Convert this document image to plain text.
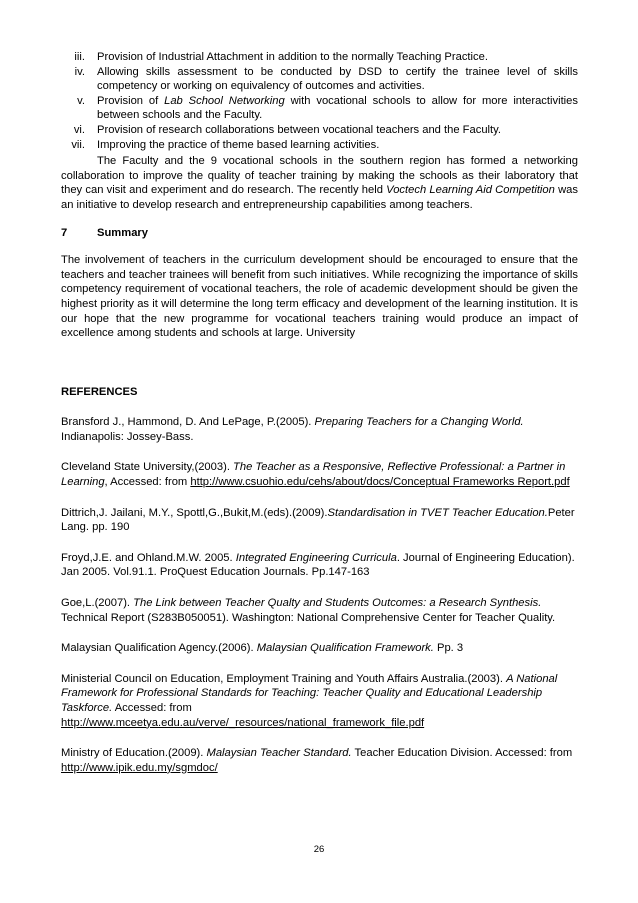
iii.	Provision of Industrial Attachment in addition to the normally Teaching Practice.
iv.	Allowing skills assessment to be conducted by DSD to certify the trainee level of skills competency or working on equivalency of outcomes and activities.
v.	Provision of Lab School Networking with vocational schools to allow for more interactivities between schools and the Faculty.
vi.	Provision of research collaborations between vocational teachers and the Faculty.
vii.	Improving the practice of theme based learning activities.

The Faculty and the 9 vocational schools in the southern region has formed a networking collaboration to improve the quality of teacher training by making the schools as their laboratory that they can visit and experiment and do research. The recently held Voctech Learning Aid Competition was an initiative to develop research and entrepreneurship capabilities among teachers.

7	Summary

The involvement of teachers in the curriculum development should be encouraged to ensure that the teachers and teacher trainees will benefit from such initiatives. While recognizing the importance of skills competency requirement of vocational teachers, the role of academic development should be given the highest priority as it will determine the long term efficacy and development of the learning institution. It is our hope that the new programme for vocational teachers training would produce an impact of excellence among students and schools at large. University

REFERENCES
Bransford J., Hammond, D. And LePage, P.(2005). Preparing Teachers for a Changing World. Indianapolis: Jossey-Bass.
Cleveland State University,(2003). The Teacher as a Responsive, Reflective Professional: a Partner in Learning, Accessed: from http://www.csuohio.edu/cehs/about/docs/Conceptual Frameworks Report.pdf
Dittrich,J. Jailani, M.Y., Spottl,G.,Bukit,M.(eds).(2009).Standardisation in TVET Teacher Education.Peter Lang. pp. 190
Froyd,J.E. and Ohland.M.W. 2005. Integrated Engineering Curricula. Journal of Engineering Education). Jan 2005. Vol.91.1. ProQuest Education Journals. Pp.147-163
Goe,L.(2007). The Link between Teacher Qualty and Students Outcomes: a Research Synthesis. Technical Report (S283B050051). Washington: National Comprehensive Center for Teacher Quality.
Malaysian Qualification Agency.(2006). Malaysian Qualification Framework. Pp. 3
Ministerial Council on Education, Employment Training and Youth Affairs Australia.(2003). A National Framework for Professional Standards for Teaching: Teacher Quality and Educational Leadership Taskforce. Accessed: from
http://www.mceetya.edu.au/verve/_resources/national_framework_file.pdf
Ministry of Education.(2009). Malaysian Teacher Standard. Teacher Education Division. Accessed: from http://www.ipik.edu.my/sgmdoc/
26
